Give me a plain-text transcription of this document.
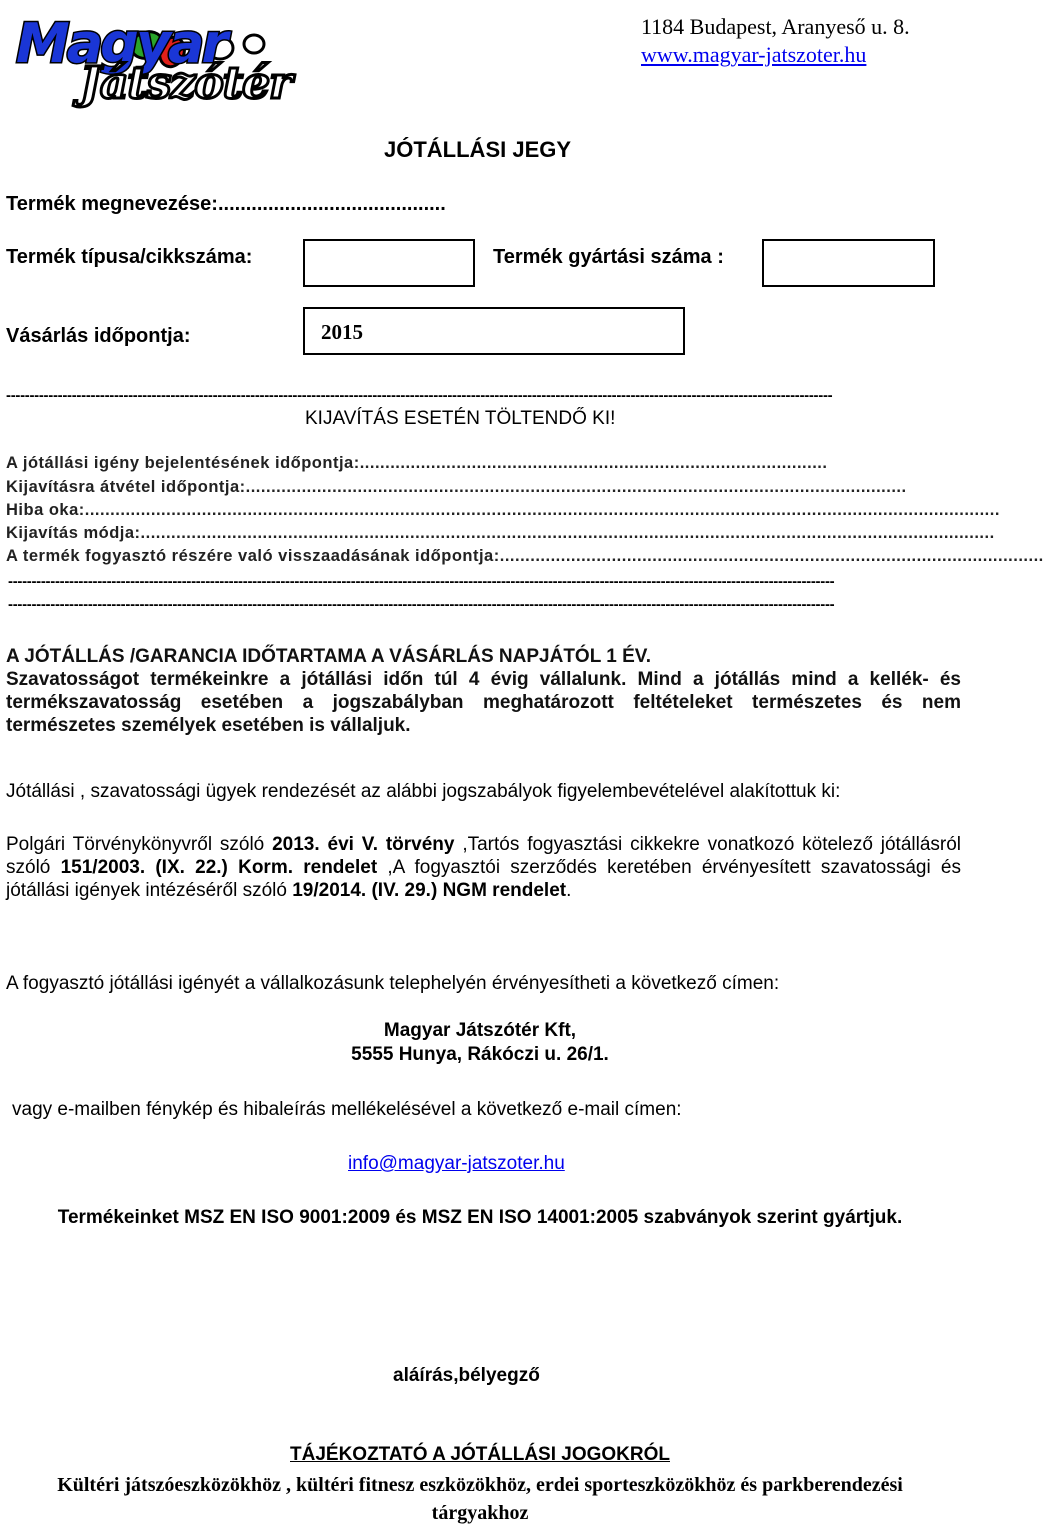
Magyar
Játszótér
1184 Budapest, Aranyeső u. 8.
www.magyar-jatszoter.hu
JÓTÁLLÁSI JEGY
Termék megnevezése:.........................................
Termék típusa/cikkszáma:	Termék gyártási száma :
Vásárlás időpontja:	2015
--------------------------------------------------------------------------------------------------------------------------------------------------------------------------------
KIJAVÍTÁS ESETÉN TÖLTENDŐ KI!
A jótállási igény bejelentésének időpontja:............................................................................................
Kijavításra átvétel időpontja:..................................................................................................................................
Hiba oka:....................................................................................................................................................................................
Kijavítás módja:........................................................................................................................................................................
A termék fogyasztó részére való visszaadásának időpontja:...........................................................................................................
--------------------------------------------------------------------------------------------------------------------------------------------------------------------------------
--------------------------------------------------------------------------------------------------------------------------------------------------------------------------------
A JÓTÁLLÁS /GARANCIA IDŐTARTAMA A VÁSÁRLÁS NAPJÁTÓL 1 ÉV.
Szavatosságot termékeinkre a jótállási időn túl 4 évig vállalunk. Mind a jótállás mind a kellék- és termékszavatosság esetében a jogszabályban meghatározott feltételeket természetes és nem természetes személyek esetében is vállaljuk.
Jótállási , szavatossági ügyek rendezését az alábbi jogszabályok figyelembevételével alakítottuk ki:
Polgári Törvénykönyvről szóló 2013. évi V. törvény ,Tartós fogyasztási cikkekre vonatkozó kötelező jótállásról szóló 151/2003. (IX. 22.) Korm. rendelet ,A fogyasztói szerződés keretében érvényesített szavatossági és jótállási igények intézéséről szóló 19/2014. (IV. 29.) NGM rendelet.
A fogyasztó jótállási igényét a vállalkozásunk telephelyén érvényesítheti a következő címen:
Magyar Játszótér Kft,
5555 Hunya, Rákóczi u. 26/1.
vagy e-mailben fénykép és hibaleírás mellékelésével a következő e-mail címen:
info@magyar-jatszoter.hu
Termékeinket MSZ EN ISO 9001:2009 és MSZ EN ISO 14001:2005 szabványok szerint gyártjuk.
aláírás,bélyegző
TÁJÉKOZTATÓ A JÓTÁLLÁSI JOGOKRÓL
Kültéri játszóeszközökhöz , kültéri fitnesz eszközökhöz, erdei sporteszközökhöz és parkberendezési tárgyakhoz
